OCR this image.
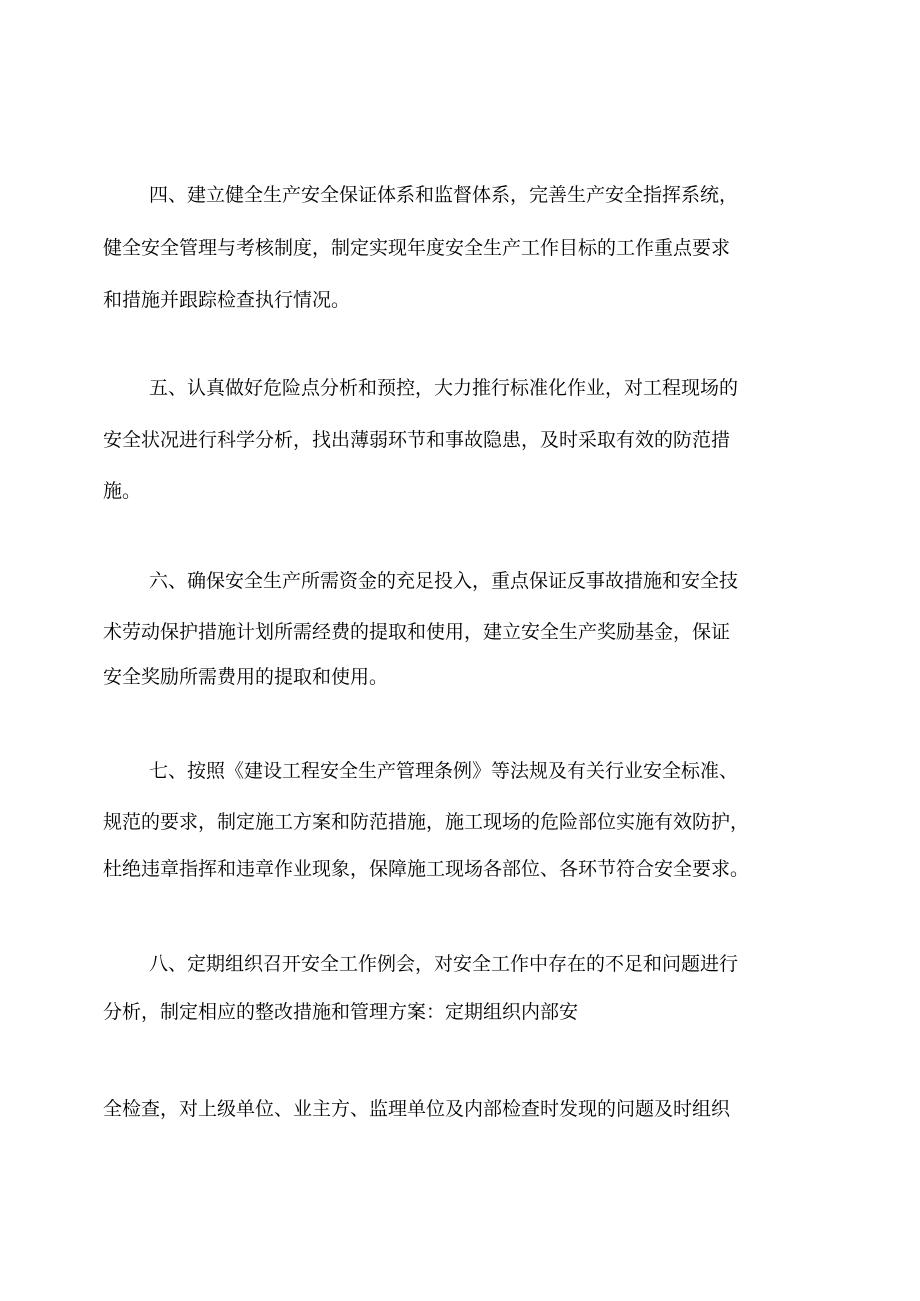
四、建立健全生产安全保证体系和监督体系，完善生产安全指挥系统，

健全安全管理与考核制度，制定实现年度安全生产工作目标的工作重点要求

和措施并跟踪检查执行情况。

五、认真做好危险点分析和预控，大力推行标准化作业，对工程现场的

安全状况进行科学分析，找出薄弱环节和事故隐患，及时采取有效的防范措

施。

六、确保安全生产所需资金的充足投入，重点保证反事故措施和安全技

术劳动保护措施计划所需经费的提取和使用，建立安全生产奖励基金，保证

安全奖励所需费用的提取和使用。

七、按照《建设工程安全生产管理条例》等法规及有关行业安全标准、

规范的要求，制定施工方案和防范措施，施工现场的危险部位实施有效防护，

杜绝违章指挥和违章作业现象，保障施工现场各部位、各环节符合安全要求。

八、定期组织召开安全工作例会，对安全工作中存在的不足和问题进行

分析，制定相应的整改措施和管理方案：定期组织内部安

全检查，对上级单位、业主方、监理单位及内部检查时发现的问题及时组织
